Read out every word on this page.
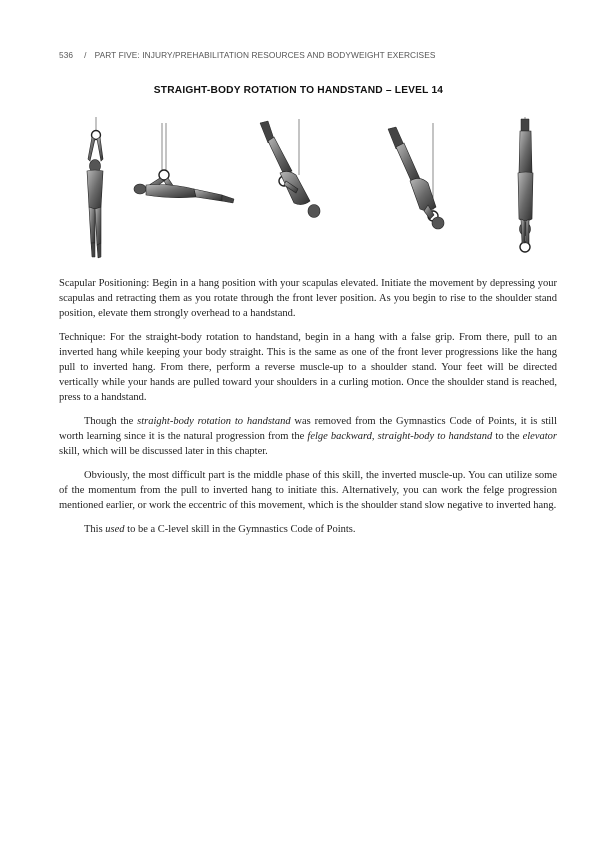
536 / PART FIVE: INJURY/PREHABILITATION RESOURCES AND BODYWEIGHT EXERCISES
STRAIGHT-BODY ROTATION TO HANDSTAND – LEVEL 14

Scapular Positioning: Begin in a hang position with your scapulas elevated. Initiate the movement by depressing your scapulas and retracting them as you rotate through the front lever position. As you begin to rise to the shoulder stand position, elevate them strongly overhead to a handstand.

Technique: For the straight-body rotation to handstand, begin in a hang with a false grip. From there, pull to an inverted hang while keeping your body straight. This is the same as one of the front lever progressions like the hang pull to inverted hang. From there, perform a reverse muscle-up to a shoulder stand. Your feet will be directed vertically while your hands are pulled toward your shoulders in a curling motion. Once the shoulder stand is reached, press to a handstand.

Though the straight-body rotation to handstand was removed from the Gymnastics Code of Points, it is still worth learning since it is the natural progression from the felge backward, straight-body to handstand to the elevator skill, which will be discussed later in this chapter.

Obviously, the most difficult part is the middle phase of this skill, the inverted muscle-up. You can utilize some of the momentum from the pull to inverted hang to initiate this. Alternatively, you can work the felge progression mentioned earlier, or work the eccentric of this movement, which is the shoulder stand slow negative to inverted hang.

This used to be a C-level skill in the Gymnastics Code of Points.
